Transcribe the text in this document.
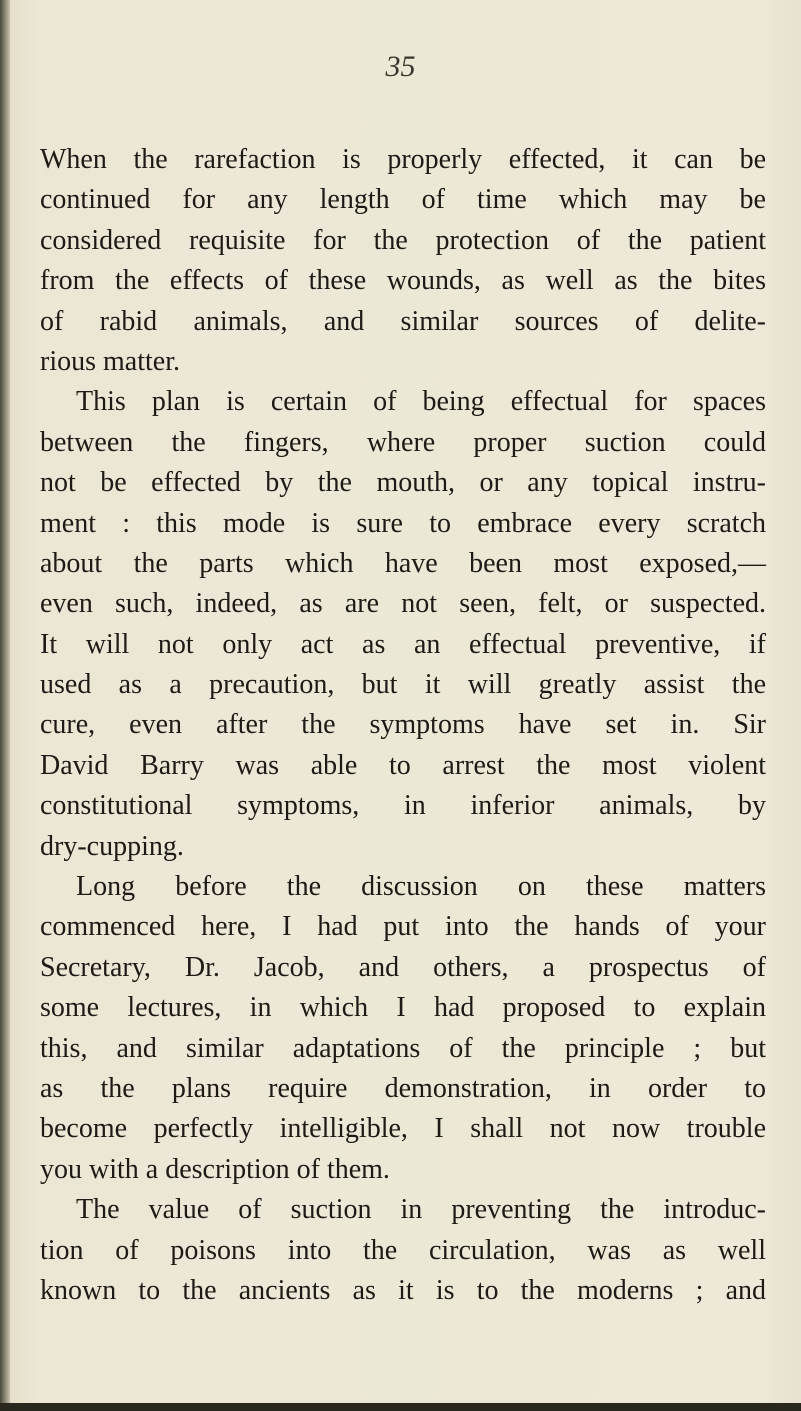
35
When the rarefaction is properly effected, it can be
continued for any length of time which may be
considered requisite for the protection of the patient
from the effects of these wounds, as well as the bites
of rabid animals, and similar sources of delite-
rious matter.
This plan is certain of being effectual for spaces
between the fingers, where proper suction could
not be effected by the mouth, or any topical instru-
ment : this mode is sure to embrace every scratch
about the parts which have been most exposed,—
even such, indeed, as are not seen, felt, or suspected.
It will not only act as an effectual preventive, if
used as a precaution, but it will greatly assist the
cure, even after the symptoms have set in. Sir
David Barry was able to arrest the most violent
constitutional symptoms, in inferior animals, by
dry-cupping.
Long before the discussion on these matters
commenced here, I had put into the hands of your
Secretary, Dr. Jacob, and others, a prospectus of
some lectures, in which I had proposed to explain
this, and similar adaptations of the principle ; but
as the plans require demonstration, in order to
become perfectly intelligible, I shall not now trouble
you with a description of them.
The value of suction in preventing the introduc-
tion of poisons into the circulation, was as well
known to the ancients as it is to the moderns ; and
